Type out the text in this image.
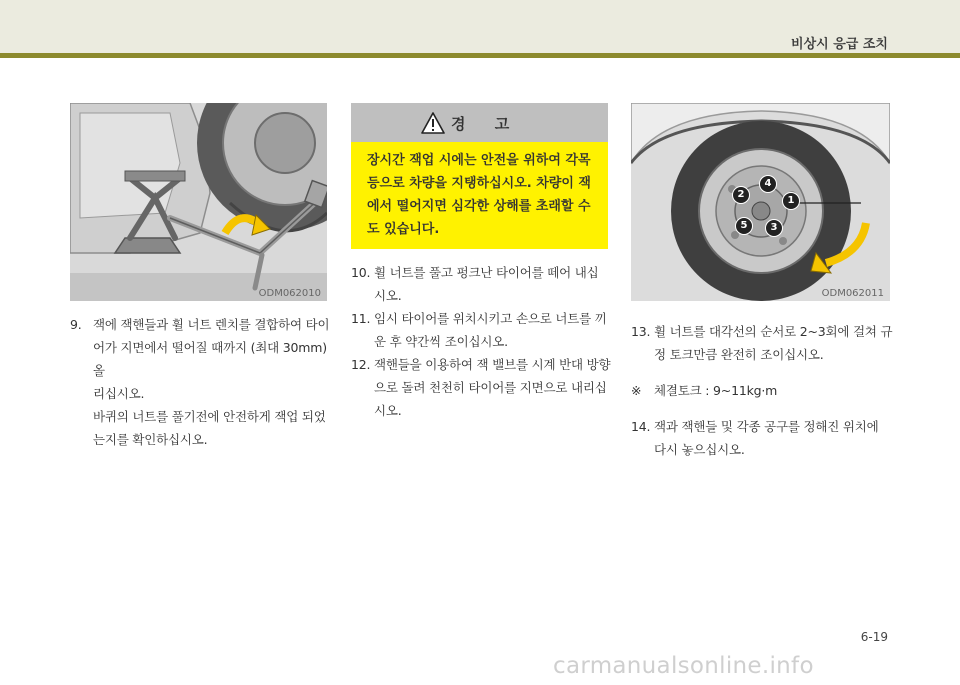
비상시 응급 조치
ODM062010
1
2
3
4
5
ODM062011
경 고
장시간 잭업 시에는 안전을 위하여 각목 등으로 차량을 지탱하십시오. 차량이 잭에서 떨어지면 심각한 상해를 초래할 수 도 있습니다.
9. 잭에 잭핸들과 휠 너트 렌치를 결합하여 타이
어가 지면에서 떨어질 때까지 (최대 30mm) 올
리십시오.
바퀴의 너트를 풀기전에 안전하게 잭업 되었
는지를 확인하십시오.
10. 휠 너트를 풀고 펑크난 타이어를 떼어 내십
시오.
11. 임시 타이어를 위치시키고 손으로 너트를 끼
운 후 약간씩 조이십시오.
12. 잭핸들을 이용하여 잭 밸브를 시계 반대 방향
으로 돌려 천천히 타이어를 지면으로 내리십
시오.
13. 휠 너트를 대각선의 순서로 2~3회에 걸쳐 규
정 토크만큼 완전히 조이십시오.
※ 체결토크 : 9~11kg·m
14. 잭과 잭핸들 및 각종 공구를 정해진 위치에
다시 놓으십시오.
6-19
carmanualsonline.info
